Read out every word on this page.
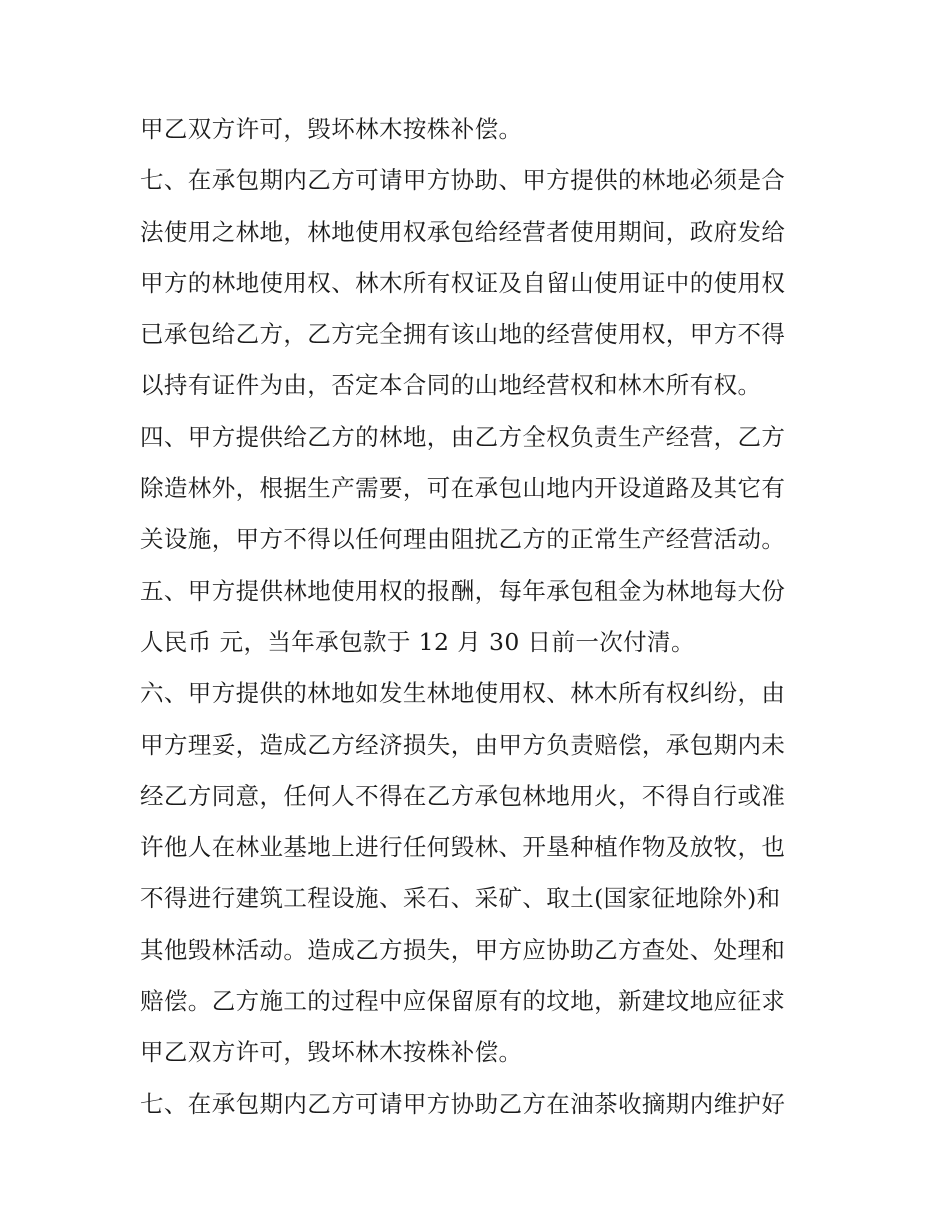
甲乙双方许可，毁坏林木按株补偿。
七、在承包期内乙方可请甲方协助、甲方提供的林地必须是合
法使用之林地，林地使用权承包给经营者使用期间，政府发给
甲方的林地使用权、林木所有权证及自留山使用证中的使用权
已承包给乙方，乙方完全拥有该山地的经营使用权，甲方不得
以持有证件为由，否定本合同的山地经营权和林木所有权。
四、甲方提供给乙方的林地，由乙方全权负责生产经营，乙方
除造林外，根据生产需要，可在承包山地内开设道路及其它有
关设施，甲方不得以任何理由阻扰乙方的正常生产经营活动。
五、甲方提供林地使用权的报酬，每年承包租金为林地每大份
人民币 元，当年承包款于 12 月 30 日前一次付清。
六、甲方提供的林地如发生林地使用权、林木所有权纠纷，由
甲方理妥，造成乙方经济损失，由甲方负责赔偿，承包期内未
经乙方同意，任何人不得在乙方承包林地用火，不得自行或准
许他人在林业基地上进行任何毁林、开垦种植作物及放牧，也
不得进行建筑工程设施、采石、采矿、取土(国家征地除外)和
其他毁林活动。造成乙方损失，甲方应协助乙方查处、处理和
赔偿。乙方施工的过程中应保留原有的坟地，新建坟地应征求
甲乙双方许可，毁坏林木按株补偿。
七、在承包期内乙方可请甲方协助乙方在油茶收摘期内维护好
